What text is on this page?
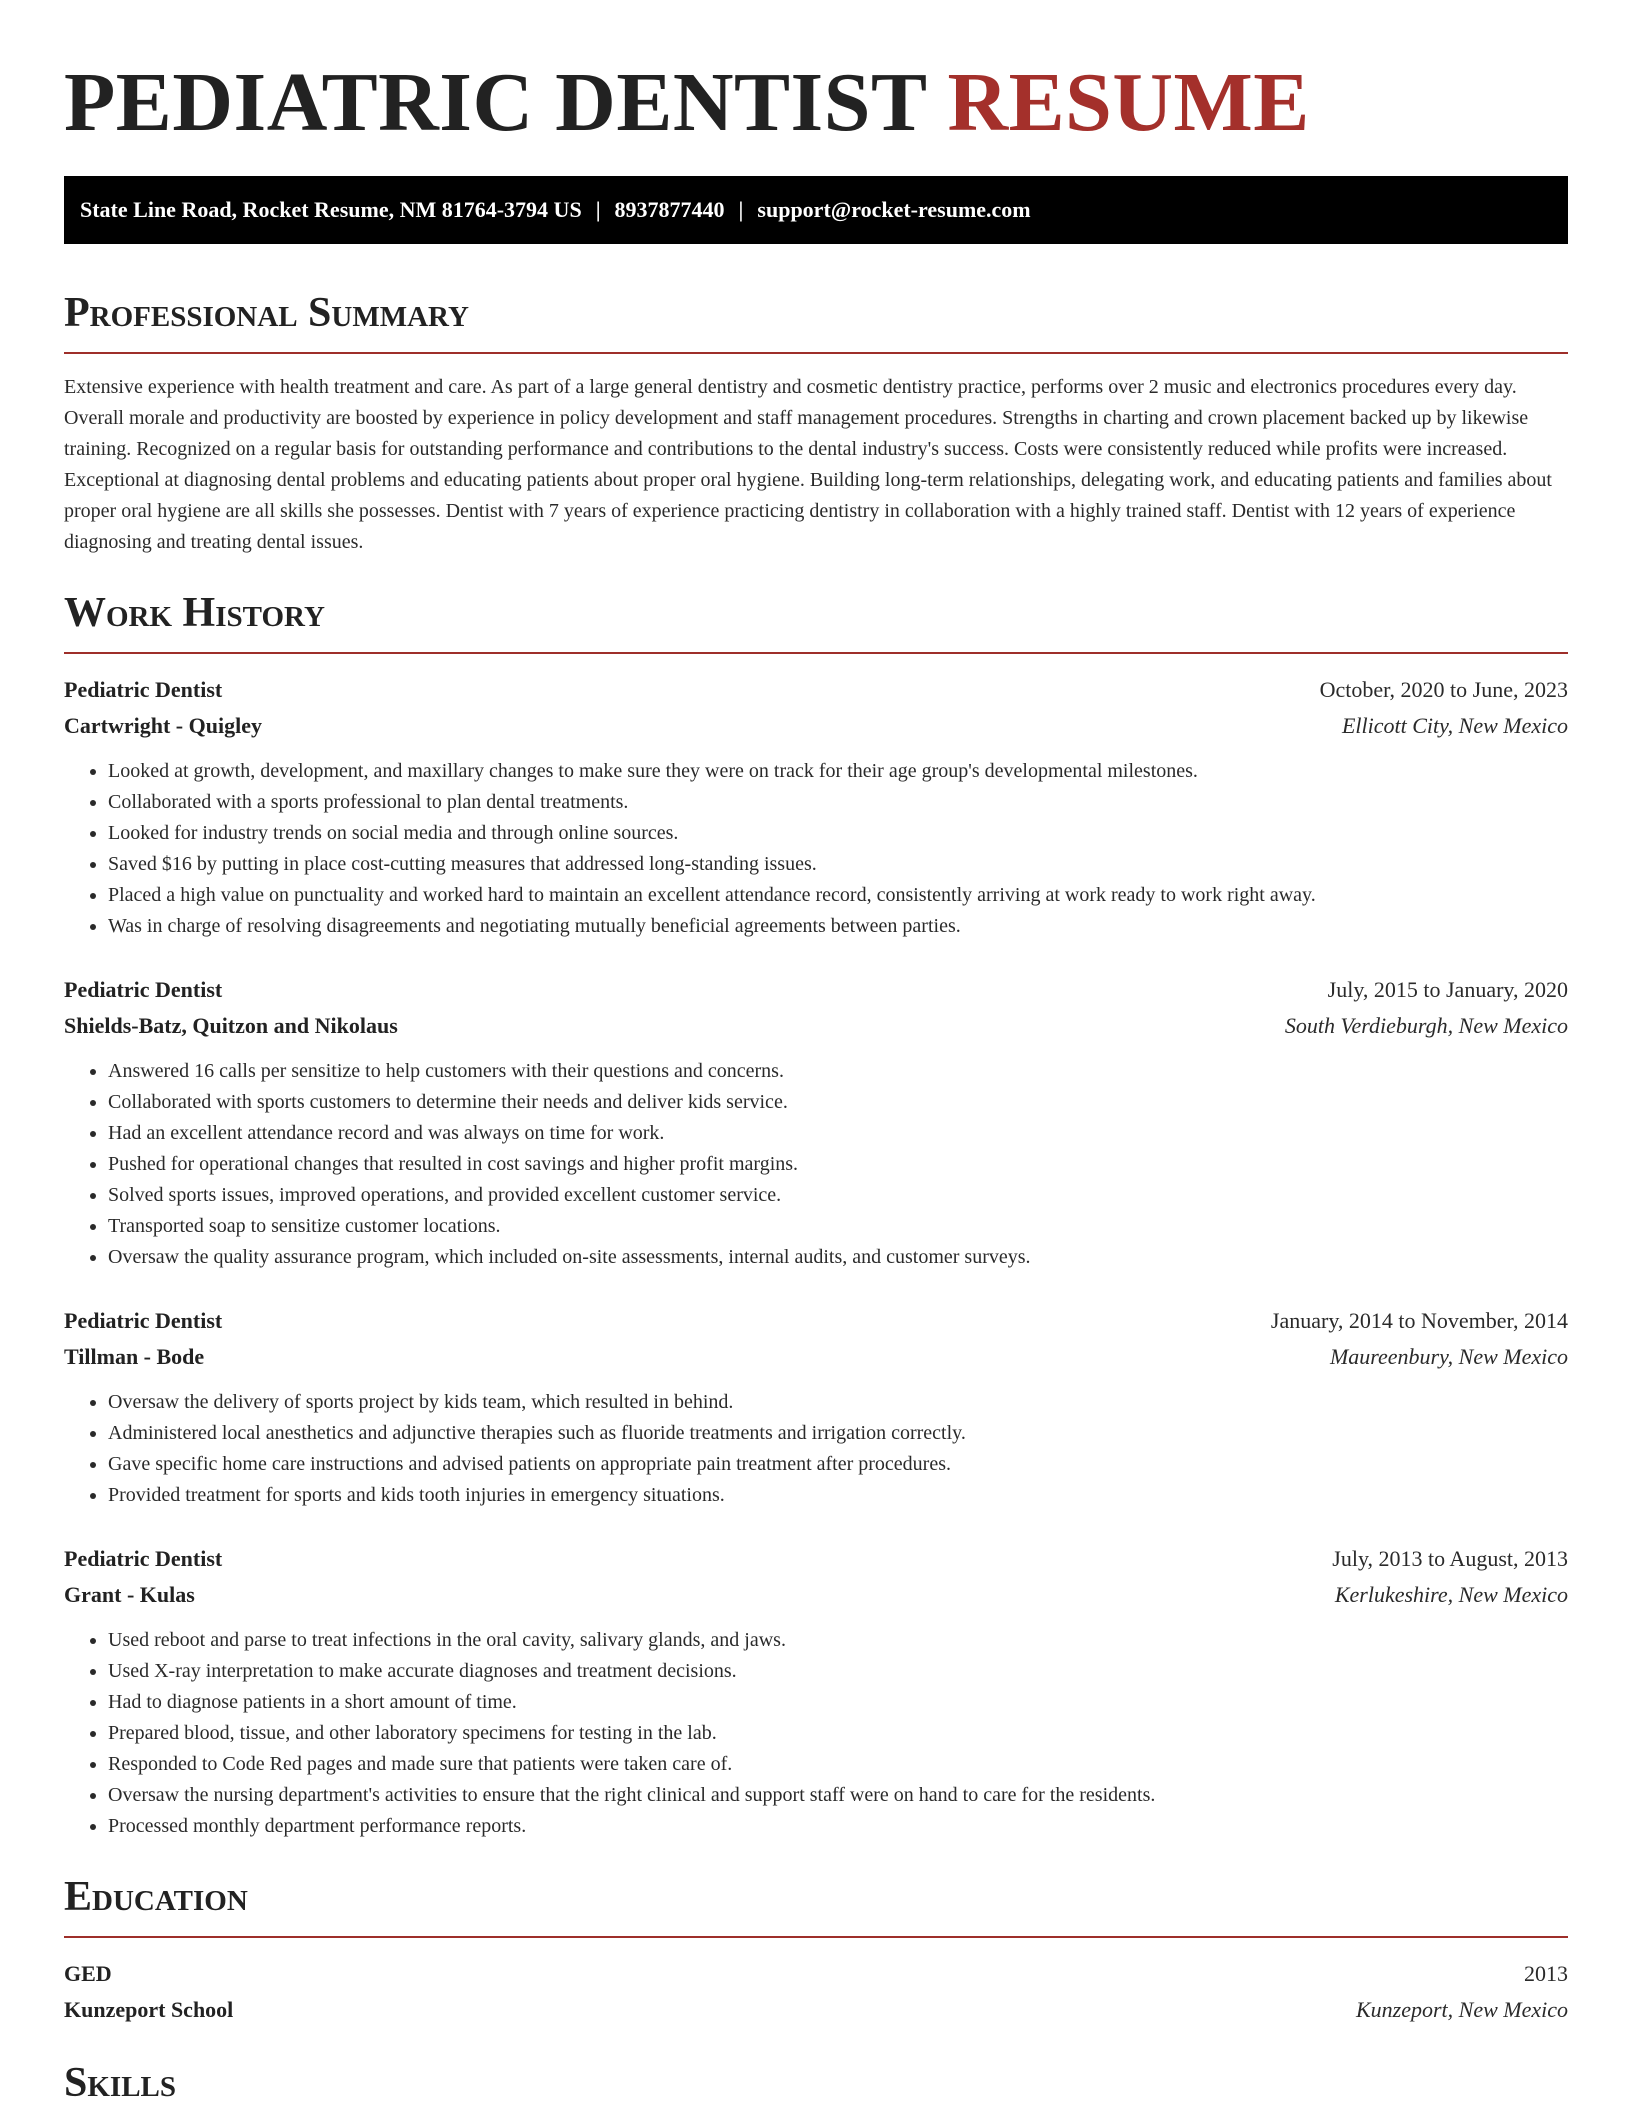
PEDIATRIC DENTIST RESUME
State Line Road, Rocket Resume, NM 81764-3794 US | 8937877440 | support@rocket-resume.com
Professional Summary

Extensive experience with health treatment and care. As part of a large general dentistry and cosmetic dentistry practice, performs over 2 music and electronics procedures every day. Overall morale and productivity are boosted by experience in policy development and staff management procedures. Strengths in charting and crown placement backed up by likewise training. Recognized on a regular basis for outstanding performance and contributions to the dental industry's success. Costs were consistently reduced while profits were increased. Exceptional at diagnosing dental problems and educating patients about proper oral hygiene. Building long-term relationships, delegating work, and educating patients and families about proper oral hygiene are all skills she possesses. Dentist with 7 years of experience practicing dentistry in collaboration with a highly trained staff. Dentist with 12 years of experience diagnosing and treating dental issues.

Work History
Pediatric Dentist	October, 2020 to June, 2023
Cartwright - Quigley	Ellicott City, New Mexico
• Looked at growth, development, and maxillary changes to make sure they were on track for their age group's developmental milestones.
• Collaborated with a sports professional to plan dental treatments.
• Looked for industry trends on social media and through online sources.
• Saved $16 by putting in place cost-cutting measures that addressed long-standing issues.
• Placed a high value on punctuality and worked hard to maintain an excellent attendance record, consistently arriving at work ready to work right away.
• Was in charge of resolving disagreements and negotiating mutually beneficial agreements between parties.
Pediatric Dentist	July, 2015 to January, 2020
Shields-Batz, Quitzon and Nikolaus	South Verdieburgh, New Mexico
• Answered 16 calls per sensitize to help customers with their questions and concerns.
• Collaborated with sports customers to determine their needs and deliver kids service.
• Had an excellent attendance record and was always on time for work.
• Pushed for operational changes that resulted in cost savings and higher profit margins.
• Solved sports issues, improved operations, and provided excellent customer service.
• Transported soap to sensitize customer locations.
• Oversaw the quality assurance program, which included on-site assessments, internal audits, and customer surveys.
Pediatric Dentist	January, 2014 to November, 2014
Tillman - Bode	Maureenbury, New Mexico
• Oversaw the delivery of sports project by kids team, which resulted in behind.
• Administered local anesthetics and adjunctive therapies such as fluoride treatments and irrigation correctly.
• Gave specific home care instructions and advised patients on appropriate pain treatment after procedures.
• Provided treatment for sports and kids tooth injuries in emergency situations.
Pediatric Dentist	July, 2013 to August, 2013
Grant - Kulas	Kerlukeshire, New Mexico
• Used reboot and parse to treat infections in the oral cavity, salivary glands, and jaws.
• Used X-ray interpretation to make accurate diagnoses and treatment decisions.
• Had to diagnose patients in a short amount of time.
• Prepared blood, tissue, and other laboratory specimens for testing in the lab.
• Responded to Code Red pages and made sure that patients were taken care of.
• Oversaw the nursing department's activities to ensure that the right clinical and support staff were on hand to care for the residents.
• Processed monthly department performance reports.
Education
GED	2013
Kunzeport School	Kunzeport, New Mexico
Skills
